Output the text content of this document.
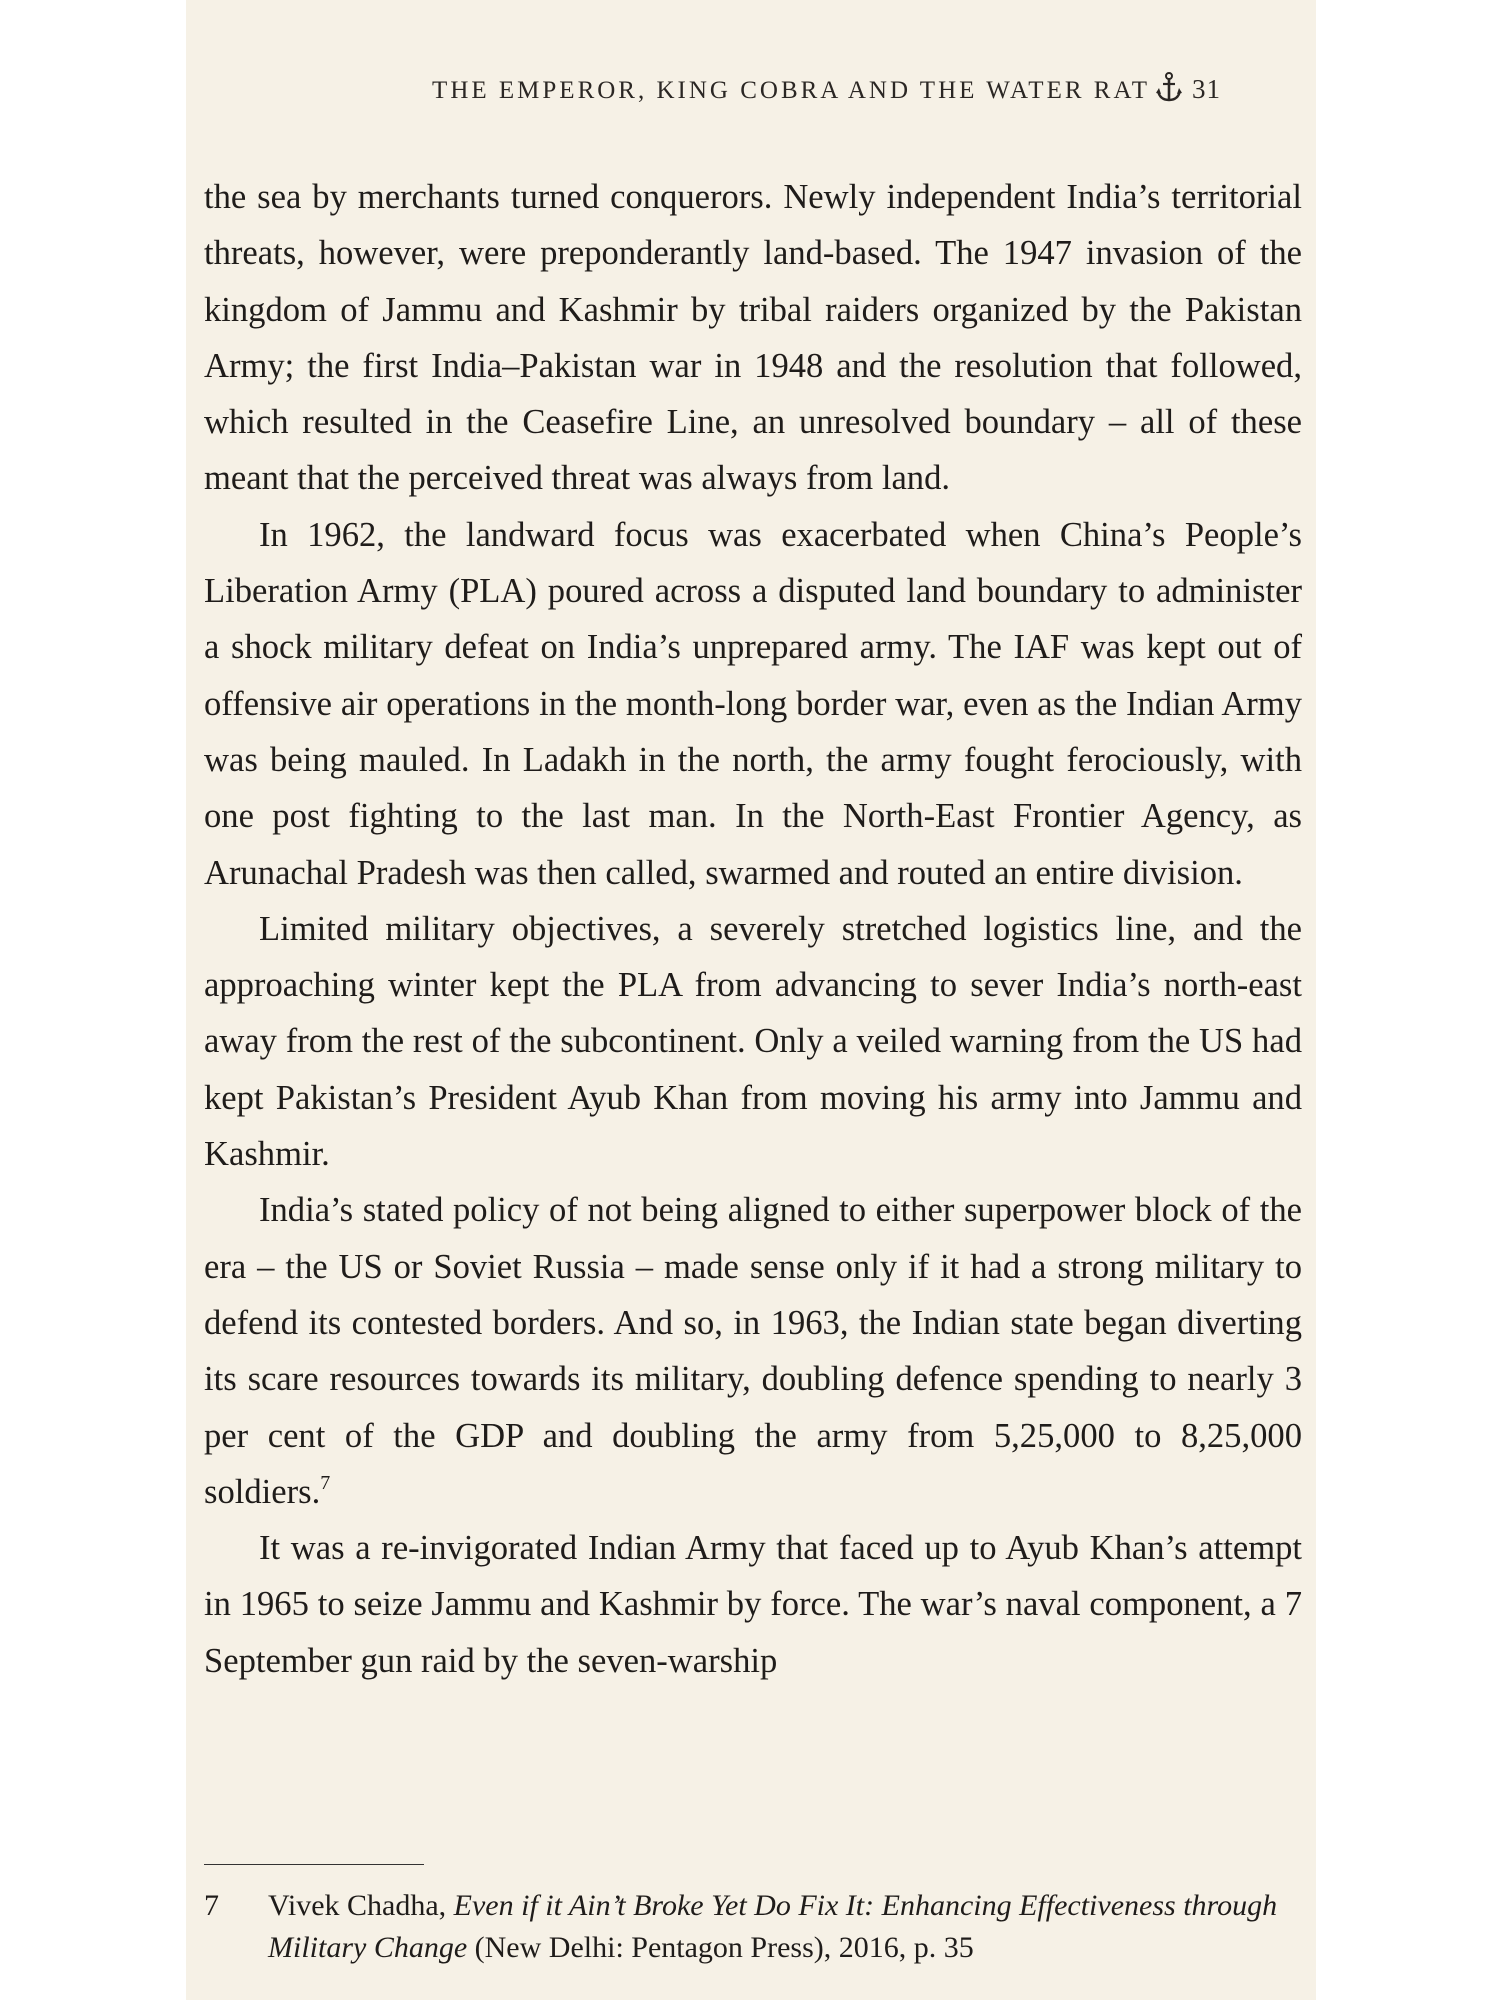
THE EMPEROR, KING COBRA AND THE WATER RAT 31

the sea by merchants turned conquerors. Newly independent India’s territorial threats, however, were preponderantly land-based. The 1947 invasion of the kingdom of Jammu and Kashmir by tribal raiders organized by the Pakistan Army; the first India–Pakistan war in 1948 and the resolution that followed, which resulted in the Ceasefire Line, an unresolved boundary – all of these meant that the perceived threat was always from land.

In 1962, the landward focus was exacerbated when China’s People’s Liberation Army (PLA) poured across a disputed land boundary to administer a shock military defeat on India’s unprepared army. The IAF was kept out of offensive air operations in the month-long border war, even as the Indian Army was being mauled. In Ladakh in the north, the army fought ferociously, with one post fighting to the last man. In the North-East Frontier Agency, as Arunachal Pradesh was then called, swarmed and routed an entire division.

Limited military objectives, a severely stretched logistics line, and the approaching winter kept the PLA from advancing to sever India’s north-east away from the rest of the subcontinent. Only a veiled warning from the US had kept Pakistan’s President Ayub Khan from moving his army into Jammu and Kashmir.

India’s stated policy of not being aligned to either superpower block of the era – the US or Soviet Russia – made sense only if it had a strong military to defend its contested borders. And so, in 1963, the Indian state began diverting its scare resources towards its military, doubling defence spending to nearly 3 per cent of the GDP and doubling the army from 5,25,000 to 8,25,000 soldiers.$^7$

It was a re-invigorated Indian Army that faced up to Ayub Khan’s attempt in 1965 to seize Jammu and Kashmir by force. The war’s naval component, a 7 September gun raid by the seven-warship

7 Vivek Chadha, Even if it Ain’t Broke Yet Do Fix It: Enhancing Effectiveness through Military Change (New Delhi: Pentagon Press), 2016, p. 35
